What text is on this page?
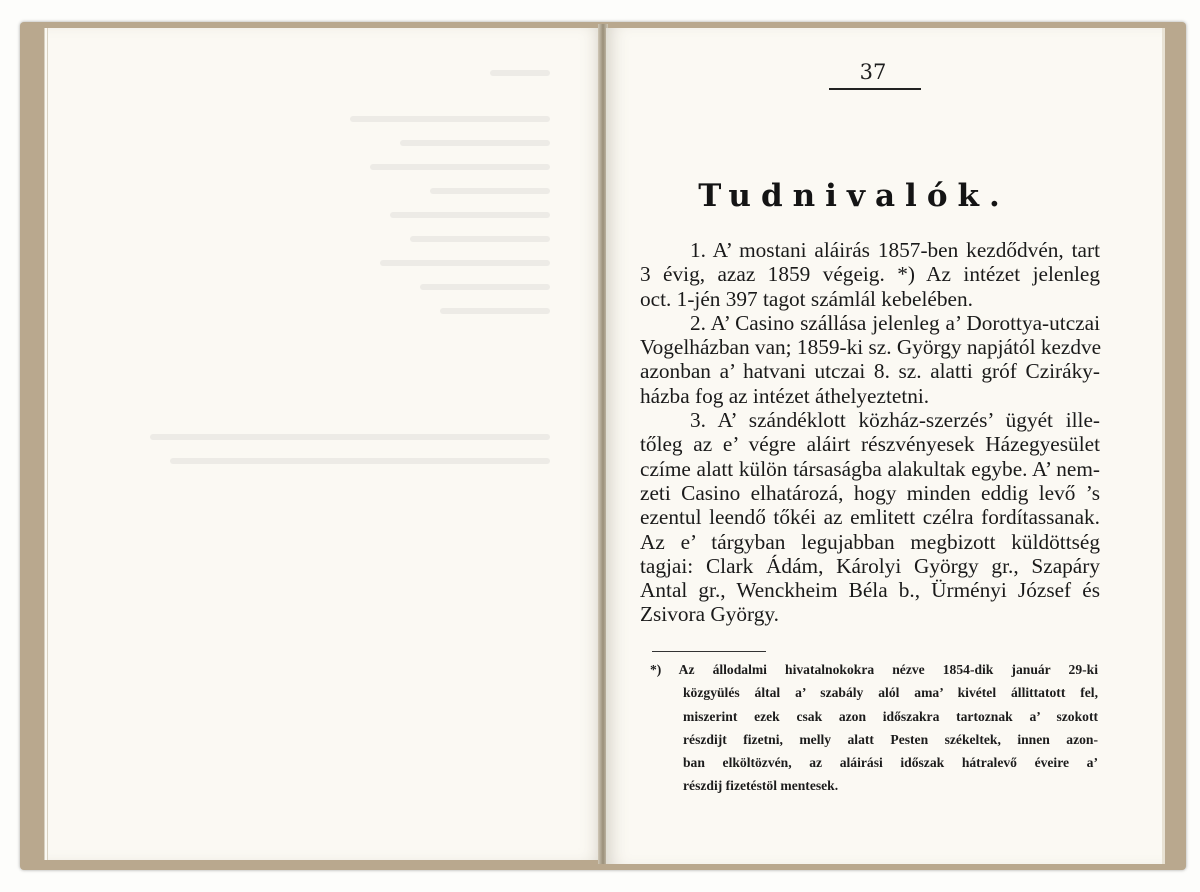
37
Tudnivalók.
1. A’ mostani aláirás 1857-ben kezdődvén, tart
3 évig, azaz 1859 végeig. *) Az intézet jelenleg
oct. 1-jén 397 tagot számlál kebelében.
2. A’ Casino szállása jelenleg a’ Dorottya-utczai
Vogelházban van; 1859-ki sz. György napjától kezdve
azonban a’ hatvani utczai 8. sz. alatti gróf Cziráky-
házba fog az intézet áthelyeztetni.
3. A’ szándéklott közház-szerzés’ ügyét ille-
tőleg az e’ végre aláirt részvényesek Házegyesület
czíme alatt külön társaságba alakultak egybe. A’ nem-
zeti Casino elhatározá, hogy minden eddig levő ’s
ezentul leendő tőkéi az emlitett czélra fordítassanak.
Az e’ tárgyban legujabban megbizott küldöttség
tagjai: Clark Ádám, Károlyi György gr., Szapáry
Antal gr., Wenckheim Béla b., Ürményi József és
Zsivora György.
*) Az állodalmi hivatalnokokra nézve 1854-dik január 29-ki
közgyülés által a’ szabály alól ama’ kivétel állittatott fel,
miszerint ezek csak azon időszakra tartoznak a’ szokott
részdijt fizetni, melly alatt Pesten székeltek, innen azon-
ban elköltözvén, az aláirási időszak hátralevő éveire a’
részdij fizetéstöl mentesek.
